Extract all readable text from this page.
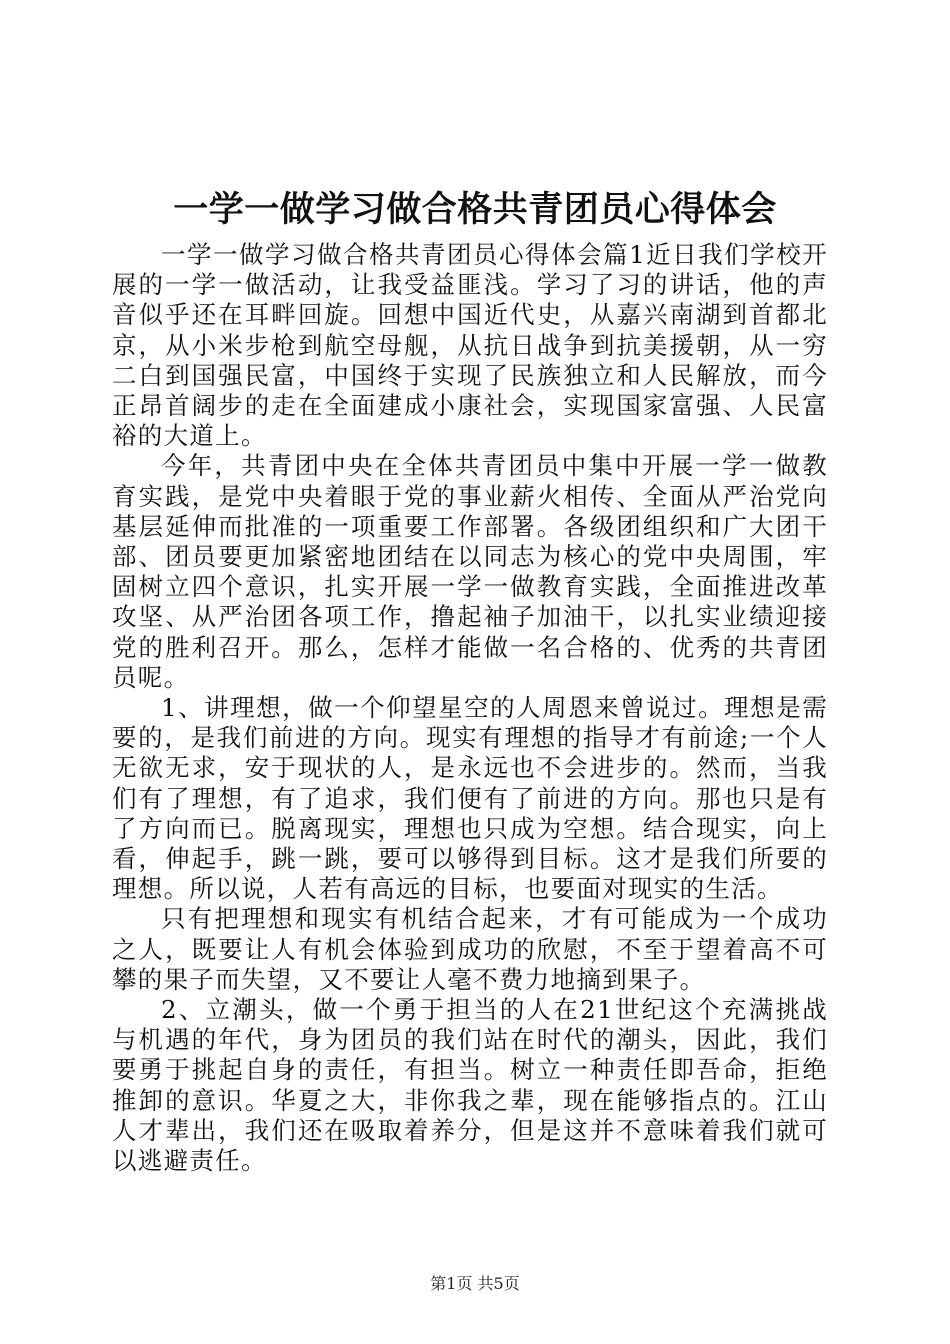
一学一做学习做合格共青团员心得体会

一学一做学习做合格共青团员心得体会篇1近日我们学校开展的一学一做活动，让我受益匪浅。学习了习的讲话，他的声音似乎还在耳畔回旋。回想中国近代史，从嘉兴南湖到首都北京，从小米步枪到航空母舰，从抗日战争到抗美援朝，从一穷二白到国强民富，中国终于实现了民族独立和人民解放，而今正昂首阔步的走在全面建成小康社会，实现国家富强、人民富裕的大道上。

今年，共青团中央在全体共青团员中集中开展一学一做教育实践，是党中央着眼于党的事业薪火相传、全面从严治党向基层延伸而批准的一项重要工作部署。各级团组织和广大团干部、团员要更加紧密地团结在以同志为核心的党中央周围，牢固树立四个意识，扎实开展一学一做教育实践，全面推进改革攻坚、从严治团各项工作，撸起袖子加油干，以扎实业绩迎接党的胜利召开。那么，怎样才能做一名合格的、优秀的共青团员呢。

1、讲理想，做一个仰望星空的人周恩来曾说过。理想是需要的，是我们前进的方向。现实有理想的指导才有前途;一个人无欲无求，安于现状的人，是永远也不会进步的。然而，当我们有了理想，有了追求，我们便有了前进的方向。那也只是有了方向而已。脱离现实，理想也只成为空想。结合现实，向上看，伸起手，跳一跳，要可以够得到目标。这才是我们所要的理想。所以说，人若有高远的目标，也要面对现实的生活。

只有把理想和现实有机结合起来，才有可能成为一个成功之人，既要让人有机会体验到成功的欣慰，不至于望着高不可攀的果子而失望，又不要让人毫不费力地摘到果子。

2、立潮头，做一个勇于担当的人在21世纪这个充满挑战与机遇的年代，身为团员的我们站在时代的潮头，因此，我们要勇于挑起自身的责任，有担当。树立一种责任即吾命，拒绝推卸的意识。华夏之大，非你我之辈，现在能够指点的。江山人才辈出，我们还在吸取着养分，但是这并不意味着我们就可以逃避责任。

第1页 共5页
